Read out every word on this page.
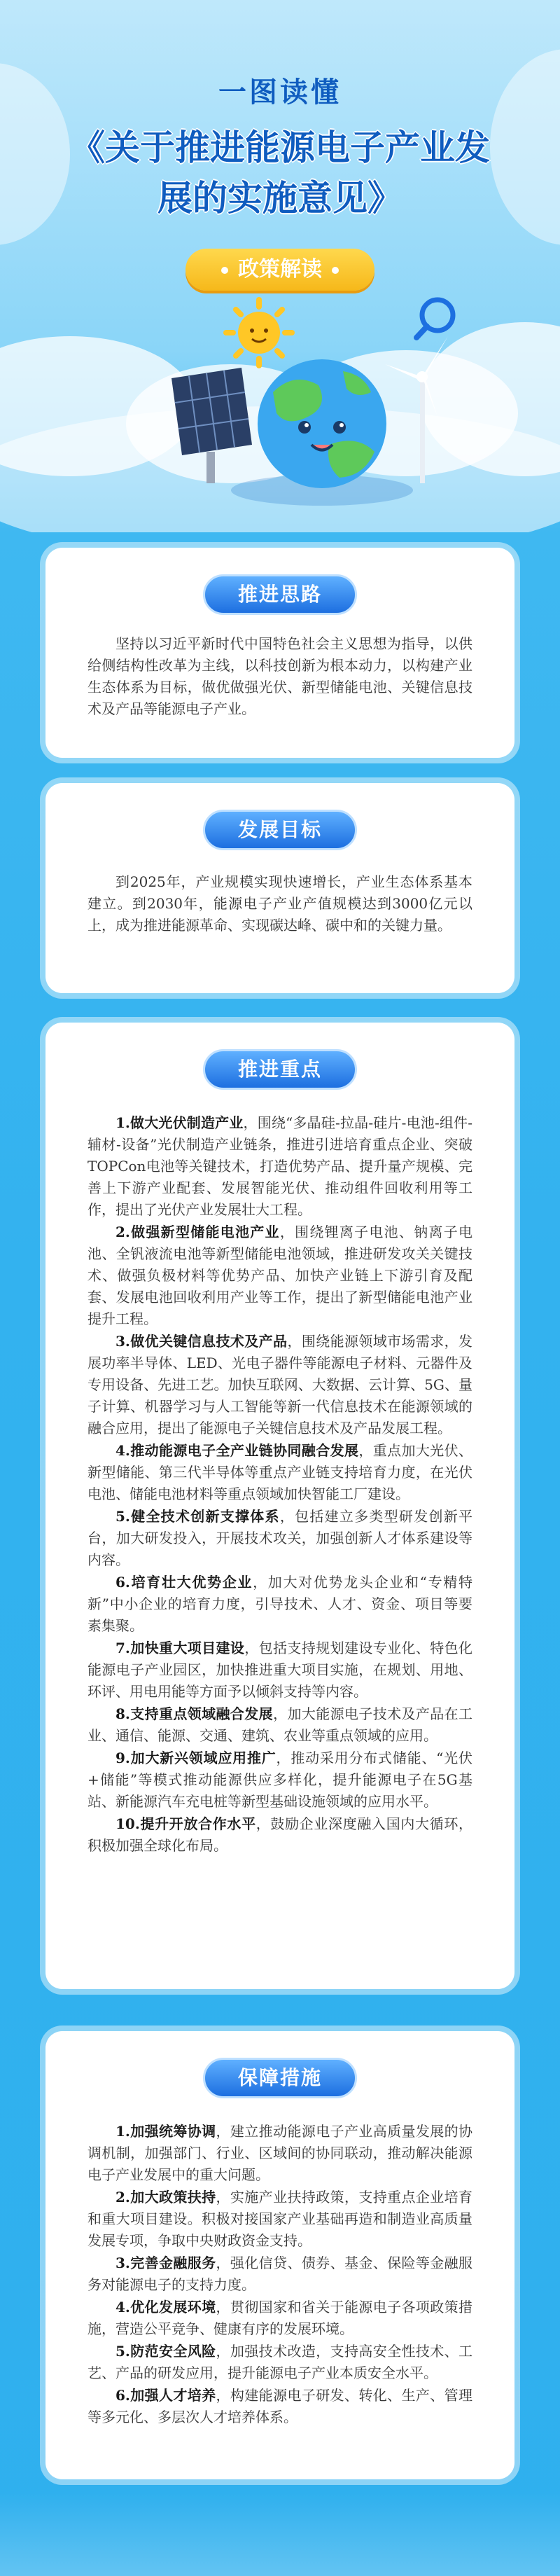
一图读懂
《关于推进能源电子产业发展的实施意见》
政策解读
推进思路

坚持以习近平新时代中国特色社会主义思想为指导，以供给侧结构性改革为主线，以科技创新为根本动力，以构建产业生态体系为目标，做优做强光伏、新型储能电池、关键信息技术及产品等能源电子产业。

发展目标

到2025年，产业规模实现快速增长，产业生态体系基本建立。到2030年，能源电子产业产值规模达到3000亿元以上，成为推进能源革命、实现碳达峰、碳中和的关键力量。

推进重点

1.做大光伏制造产业，围绕“多晶硅-拉晶-硅片-电池-组件-辅材-设备”光伏制造产业链条，推进引进培育重点企业、突破TOPCon电池等关键技术，打造优势产品、提升量产规模、完善上下游产业配套、发展智能光伏、推动组件回收利用等工作，提出了光伏产业发展壮大工程。

2.做强新型储能电池产业，围绕锂离子电池、钠离子电池、全钒液流电池等新型储能电池领域，推进研发攻关关键技术、做强负极材料等优势产品、加快产业链上下游引育及配套、发展电池回收利用产业等工作，提出了新型储能电池产业提升工程。

3.做优关键信息技术及产品，围绕能源领域市场需求，发展功率半导体、LED、光电子器件等能源电子材料、元器件及专用设备、先进工艺。加快互联网、大数据、云计算、5G、量子计算、机器学习与人工智能等新一代信息技术在能源领域的融合应用，提出了能源电子关键信息技术及产品发展工程。

4.推动能源电子全产业链协同融合发展，重点加大光伏、新型储能、第三代半导体等重点产业链支持培育力度，在光伏电池、储能电池材料等重点领域加快智能工厂建设。

5.健全技术创新支撑体系，包括建立多类型研发创新平台，加大研发投入，开展技术攻关，加强创新人才体系建设等内容。

6.培育壮大优势企业，加大对优势龙头企业和“专精特新”中小企业的培育力度，引导技术、人才、资金、项目等要素集聚。

7.加快重大项目建设，包括支持规划建设专业化、特色化能源电子产业园区，加快推进重大项目实施，在规划、用地、环评、用电用能等方面予以倾斜支持等内容。

8.支持重点领域融合发展，加大能源电子技术及产品在工业、通信、能源、交通、建筑、农业等重点领域的应用。

9.加大新兴领域应用推广，推动采用分布式储能、“光伏+储能”等模式推动能源供应多样化，提升能源电子在5G基站、新能源汽车充电桩等新型基础设施领域的应用水平。

10.提升开放合作水平，鼓励企业深度融入国内大循环，积极加强全球化布局。

保障措施

1.加强统筹协调，建立推动能源电子产业高质量发展的协调机制，加强部门、行业、区域间的协同联动，推动解决能源电子产业发展中的重大问题。

2.加大政策扶持，实施产业扶持政策，支持重点企业培育和重大项目建设。积极对接国家产业基础再造和制造业高质量发展专项，争取中央财政资金支持。

3.完善金融服务，强化信贷、债券、基金、保险等金融服务对能源电子的支持力度。

4.优化发展环境，贯彻国家和省关于能源电子各项政策措施，营造公平竞争、健康有序的发展环境。

5.防范安全风险，加强技术改造，支持高安全性技术、工艺、产品的研发应用，提升能源电子产业本质安全水平。

6.加强人才培养，构建能源电子研发、转化、生产、管理等多元化、多层次人才培养体系。
